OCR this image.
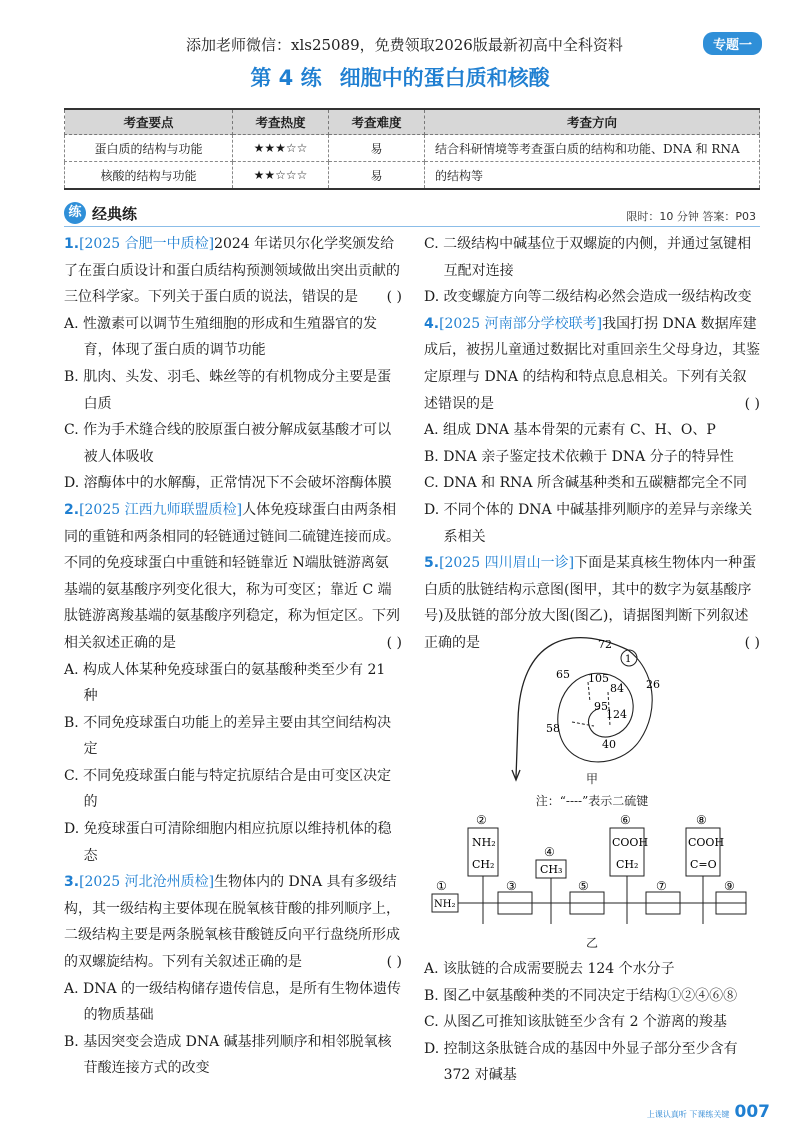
添加老师微信：xls25089，免费领取2026版最新初高中全科资料	专题一
第 4 练 细胞中的蛋白质和核酸
考查要点	考查热度	考查难度	考查方向
蛋白质的结构与功能	★★★☆☆	易	结合科研情境等考查蛋白质的结构和功能、DNA 和 RNA
核酸的结构与功能	★★☆☆☆	易	的结构等
练 经典练	限时：10 分钟 答案：P03

1.[2025 合肥一中质检]2024 年诺贝尔化学奖颁发给了在蛋白质设计和蛋白质结构预测领域做出突出贡献的三位科学家。下列关于蛋白质的说法，错误的是 ( )

A. 性激素可以调节生殖细胞的形成和生殖器官的发育，体现了蛋白质的调节功能

B. 肌肉、头发、羽毛、蛛丝等的有机物成分主要是蛋白质

C. 作为手术缝合线的胶原蛋白被分解成氨基酸才可以被人体吸收

D. 溶酶体中的水解酶，正常情况下不会破坏溶酶体膜

2.[2025 江西九师联盟质检]人体免疫球蛋白由两条相同的重链和两条相同的轻链通过链间二硫键连接而成。不同的免疫球蛋白中重链和轻链靠近 N端肽链游离氨基端的氨基酸序列变化很大，称为可变区；靠近 C 端肽链游离羧基端的氨基酸序列稳定，称为恒定区。下列相关叙述正确的是	( )

A. 构成人体某种免疫球蛋白的氨基酸种类至少有 21 种

B. 不同免疫球蛋白功能上的差异主要由其空间结构决定

C. 不同免疫球蛋白能与特定抗原结合是由可变区决定的

D. 免疫球蛋白可清除细胞内相应抗原以维持机体的稳态

3.[2025 河北沧州质检]生物体内的 DNA 具有多级结构，其一级结构主要体现在脱氧核苷酸的排列顺序上，二级结构主要是两条脱氧核苷酸链反向平行盘绕所形成的双螺旋结构。下列有关叙述正确的是	( )

A. DNA 的一级结构储存遗传信息，是所有生物体遗传的物质基础

B. 基因突变会造成 DNA 碱基排列顺序和相邻脱氧核苷酸连接方式的改变

C. 二级结构中碱基位于双螺旋的内侧，并通过氢键相互配对连接

D. 改变螺旋方向等二级结构必然会造成一级结构改变

4.[2025 河南部分学校联考]我国打拐 DNA 数据库建成后，被拐儿童通过数据比对重回亲生父母身边，其鉴定原理与 DNA 的结构和特点息息相关。下列有关叙述错误的是	( )

A. 组成 DNA 基本骨架的元素有 C、H、O、P

B. DNA 亲子鉴定技术依赖于 DNA 分子的特异性

C. DNA 和 RNA 所含碱基种类和五碳糖都完全不同

D. 不同个体的 DNA 中碱基排列顺序的差异与亲缘关系相关

5.[2025 四川眉山一诊]下面是某真核生物体内一种蛋白质的肽链结构示意图(图甲，其中的数字为氨基酸序号)及肽链的部分放大图(图乙)，请据图判断下列叙述正确的是	( )

72
1
65 105
84 26
95
124
58
40
甲
注：“----”表示二硫键
①
②
③
④
⑤
⑥
⑦
⑧
⑨
NH₂
CH₂	CH₃
COOH
CH₂
COOH
C=O
NH₂
乙

A. 该肽链的合成需要脱去 124 个水分子

B. 图乙中氨基酸种类的不同决定于结构①②④⑥⑧

C. 从图乙可推知该肽链至少含有 2 个游离的羧基

D. 控制这条肽链合成的基因中外显子部分至少含有 372 对碱基

上课认真听 下课练关键 007
